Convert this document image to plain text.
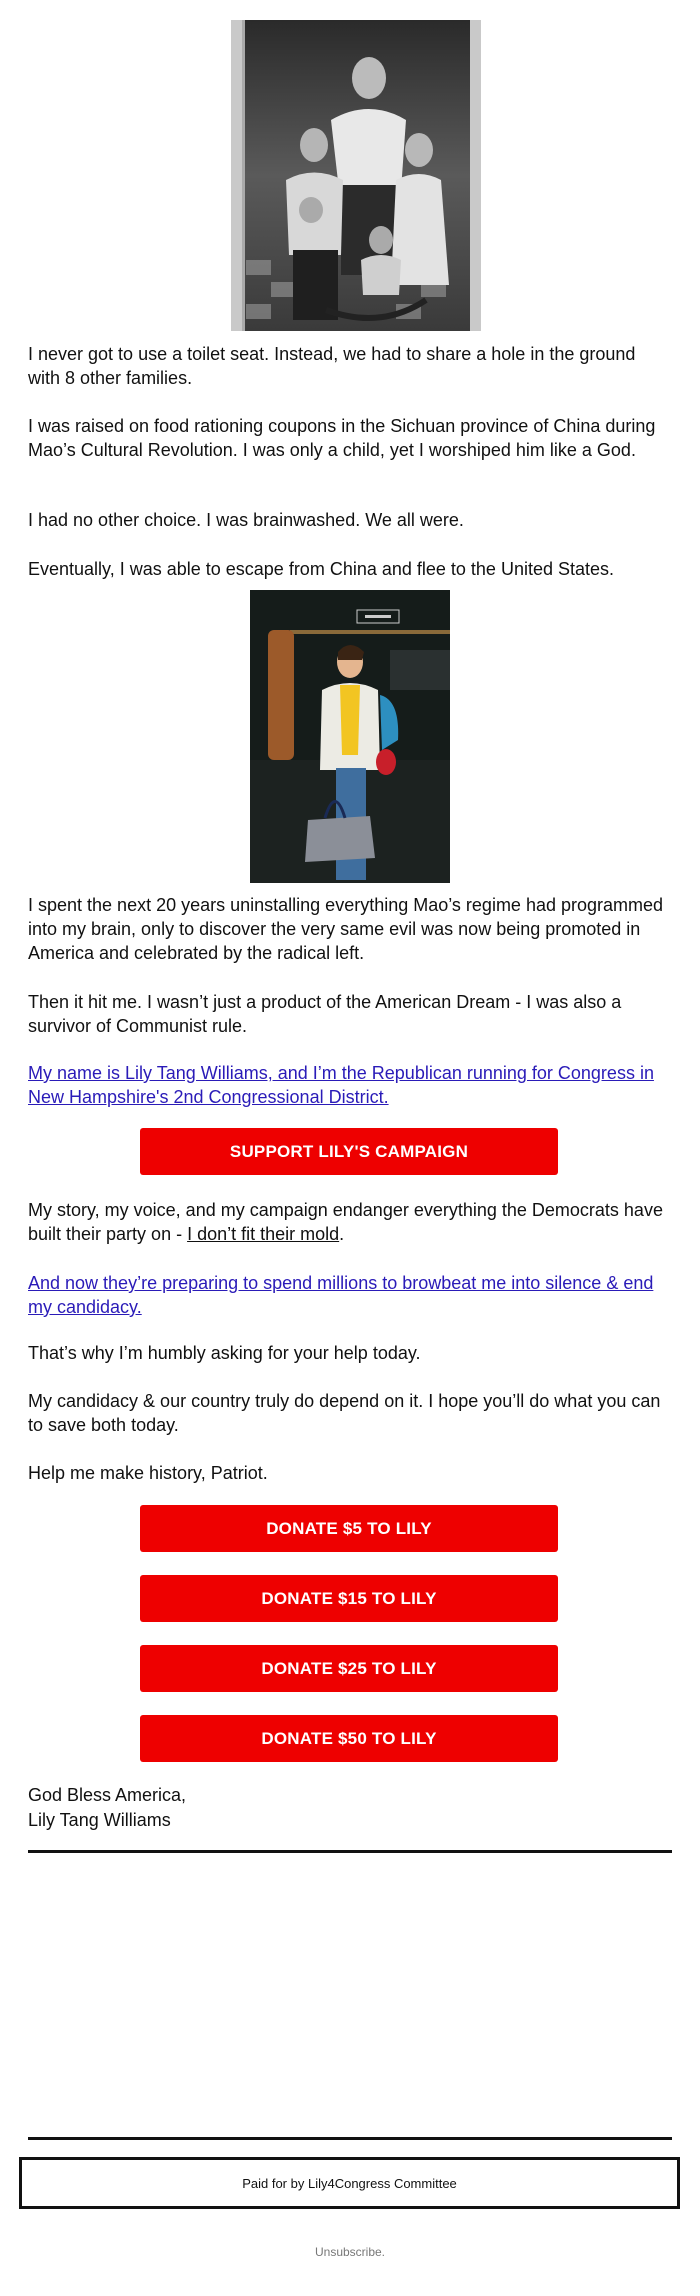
I never got to use a toilet seat. Instead, we had to share a hole in the ground with 8 other families.

I was raised on food rationing coupons in the Sichuan province of China during Mao’s Cultural Revolution. I was only a child, yet I worshiped him like a God.

I had no other choice. I was brainwashed. We all were.

Eventually, I was able to escape from China and flee to the United States.

I spent the next 20 years uninstalling everything Mao’s regime had programmed into my brain, only to discover the very same evil was now being promoted in America and celebrated by the radical left.

Then it hit me. I wasn’t just a product of the American Dream - I was also a survivor of Communist rule.

My name is Lily Tang Williams, and I’m the Republican running for Congress in New Hampshire's 2nd Congressional District.

SUPPORT LILY'S CAMPAIGN

My story, my voice, and my campaign endanger everything the Democrats have built their party on - I don’t fit their mold.

And now they’re preparing to spend millions to browbeat me into silence & end my candidacy.

That’s why I’m humbly asking for your help today.

My candidacy & our country truly do depend on it. I hope you’ll do what you can to save both today.

Help me make history, Patriot.

DONATE $5 TO LILY
DONATE $15 TO LILY
DONATE $25 TO LILY
DONATE $50 TO LILY

God Bless America,

Lily Tang Williams

Paid for by Lily4Congress Committee
Unsubscribe.
